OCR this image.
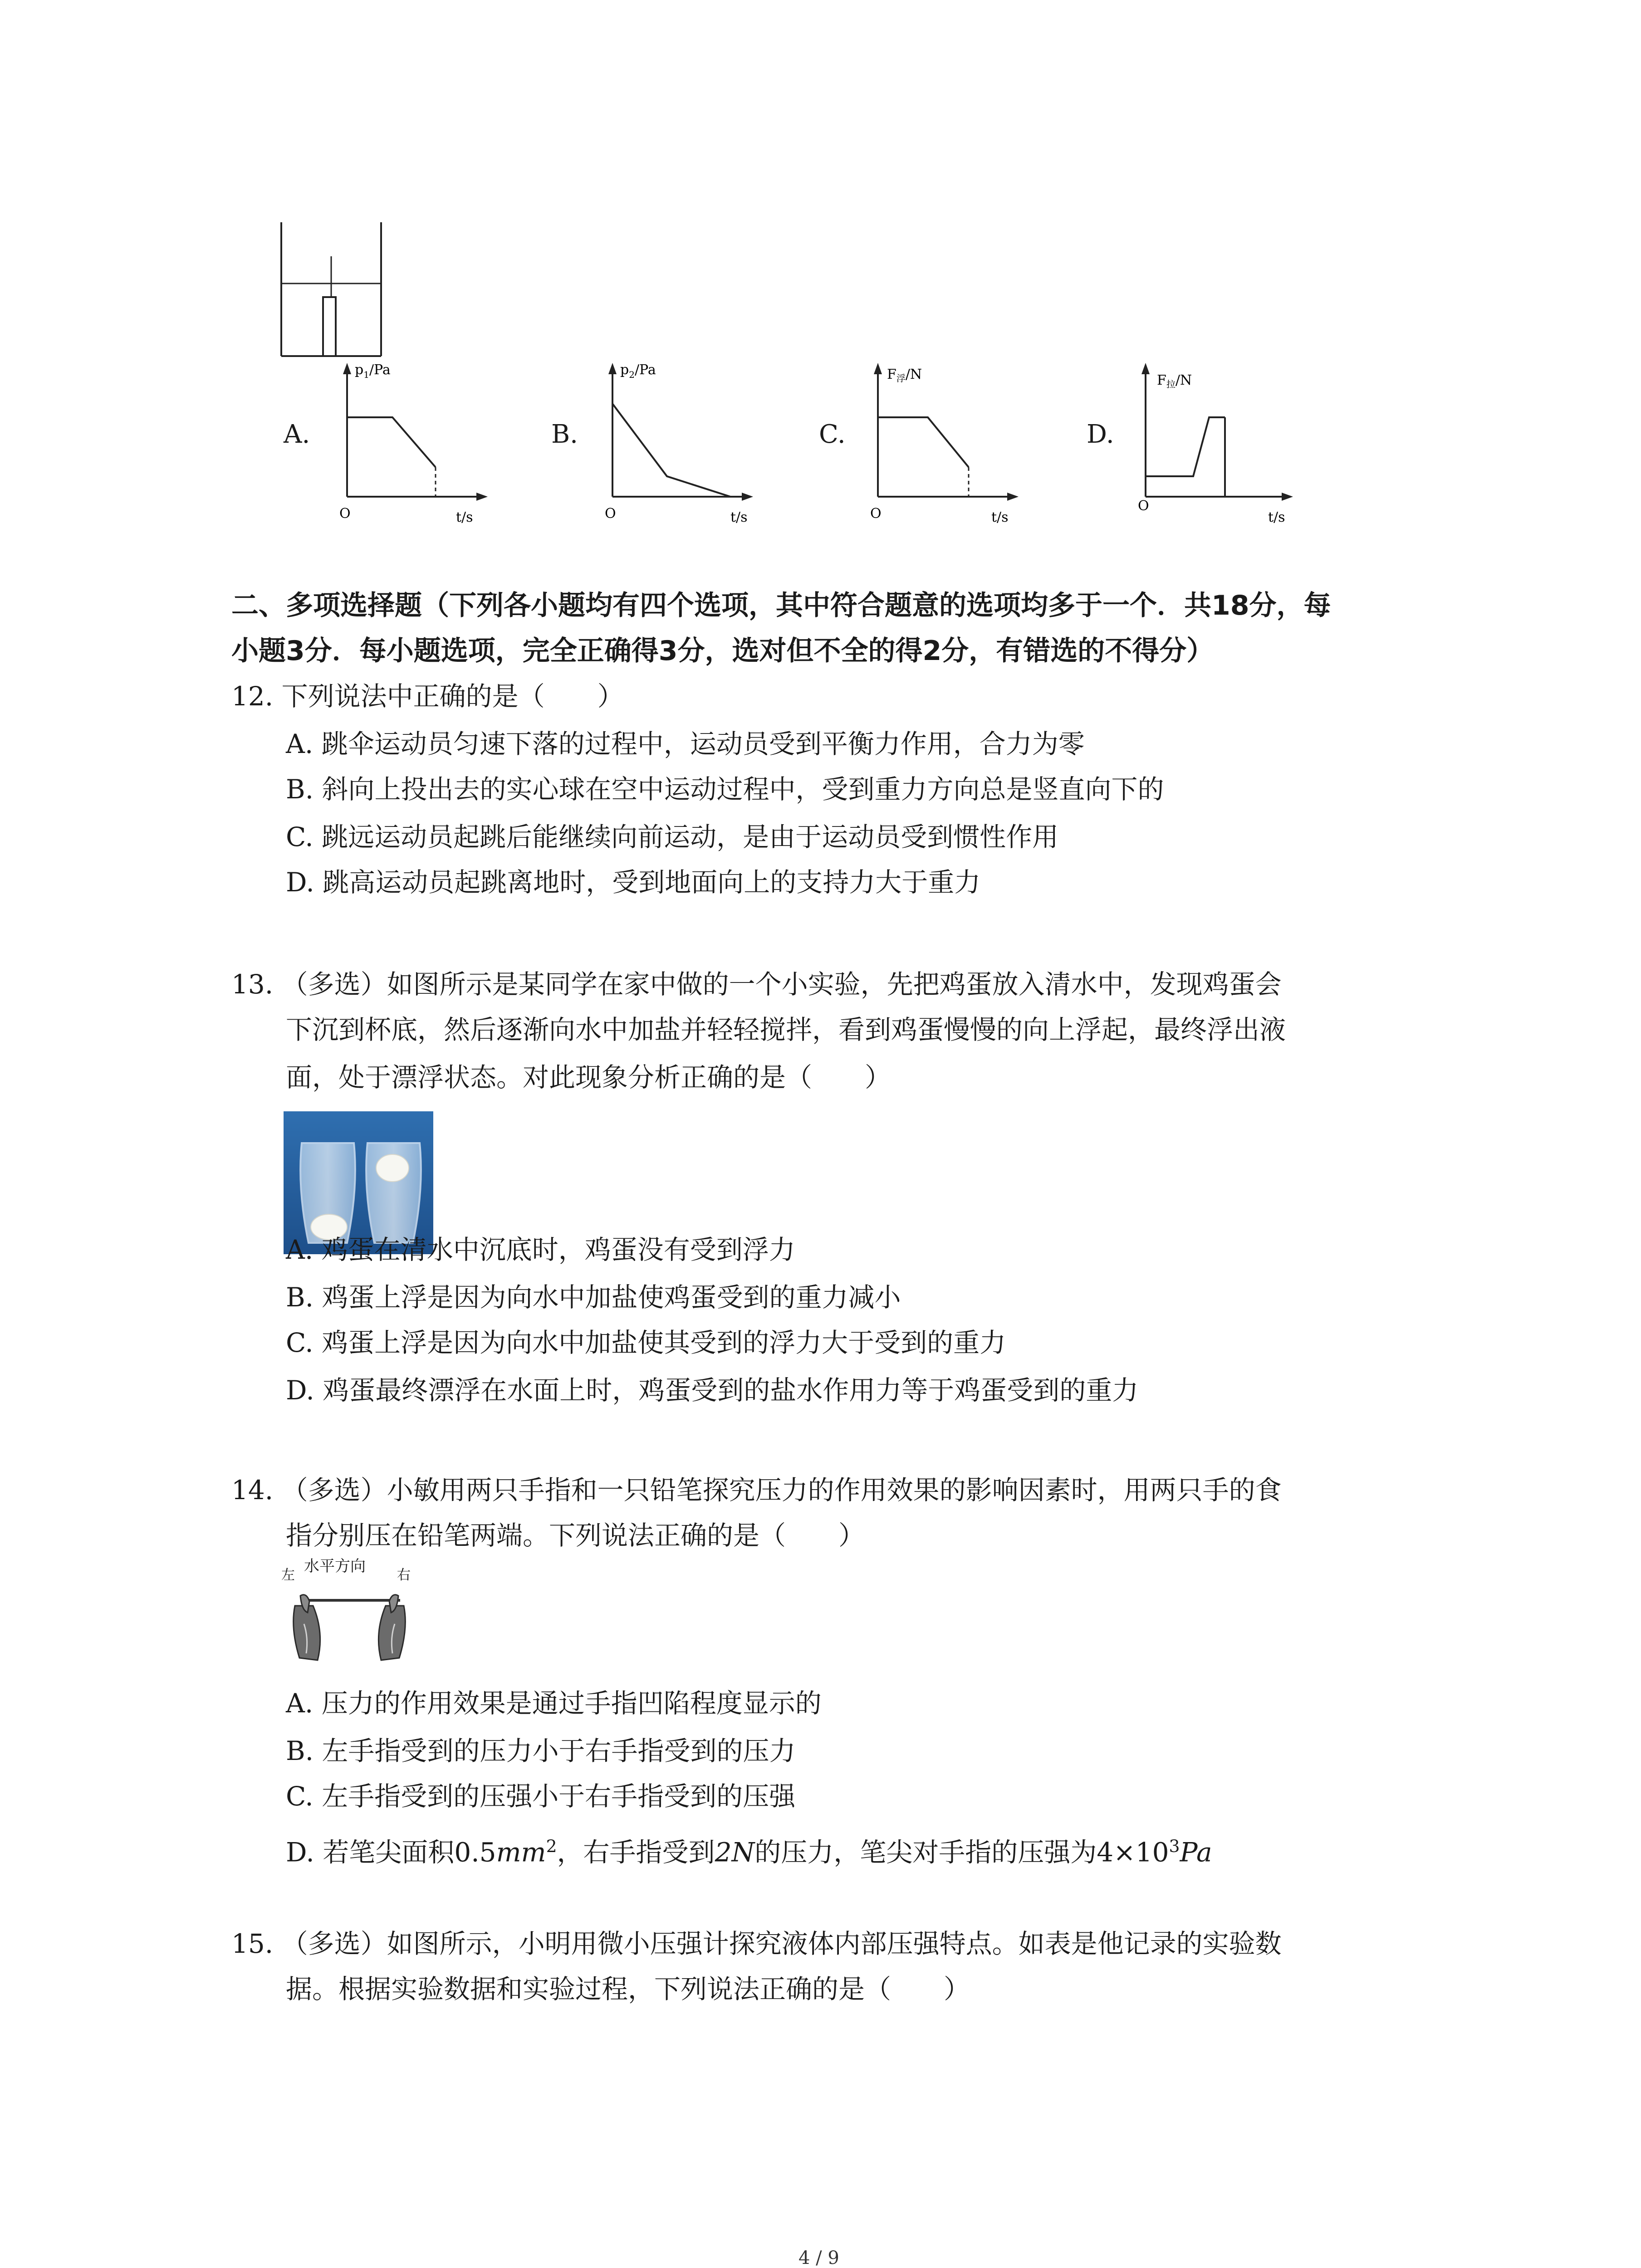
A.
$p_1/Pa$
O	t/s
B.
$p_2/Pa$
O	t/s
C.
$F_浮/N$
O	t/s
D.
$F_拉/N$
O
t/s
二、多项选择题（下列各小题均有四个选项，其中符合题意的选项均多于一个．共18分，每
小题3分．每小题选项，完全正确得3分，选对但不全的得2分，有错选的不得分）
12. 下列说法中正确的是（　　）
A. 跳伞运动员匀速下落的过程中，运动员受到平衡力作用，合力为零
B. 斜向上投出去的实心球在空中运动过程中，受到重力方向总是竖直向下的
C. 跳远运动员起跳后能继续向前运动，是由于运动员受到惯性作用
D. 跳高运动员起跳离地时，受到地面向上的支持力大于重力
13. （多选）如图所示是某同学在家中做的一个小实验，先把鸡蛋放入清水中，发现鸡蛋会
下沉到杯底，然后逐渐向水中加盐并轻轻搅拌，看到鸡蛋慢慢的向上浮起，最终浮出液
面，处于漂浮状态。对此现象分析正确的是（　　）
A. 鸡蛋在清水中沉底时，鸡蛋没有受到浮力
B. 鸡蛋上浮是因为向水中加盐使鸡蛋受到的重力减小
C. 鸡蛋上浮是因为向水中加盐使其受到的浮力大于受到的重力
D. 鸡蛋最终漂浮在水面上时，鸡蛋受到的盐水作用力等于鸡蛋受到的重力
14. （多选）小敏用两只手指和一只铅笔探究压力的作用效果的影响因素时，用两只手的食
指分别压在铅笔两端。下列说法正确的是（　　）
左 水平方向 右
A. 压力的作用效果是通过手指凹陷程度显示的
B. 左手指受到的压力小于右手指受到的压力
C. 左手指受到的压强小于右手指受到的压强
D. 若笔尖面积$0.5mm^2$，右手指受到2N的压力，笔尖对手指的压强为$4\times 10^3Pa$
15. （多选）如图所示，小明用微小压强计探究液体内部压强特点。如表是他记录的实验数
据。根据实验数据和实验过程，下列说法正确的是（　　）
4 / 9
